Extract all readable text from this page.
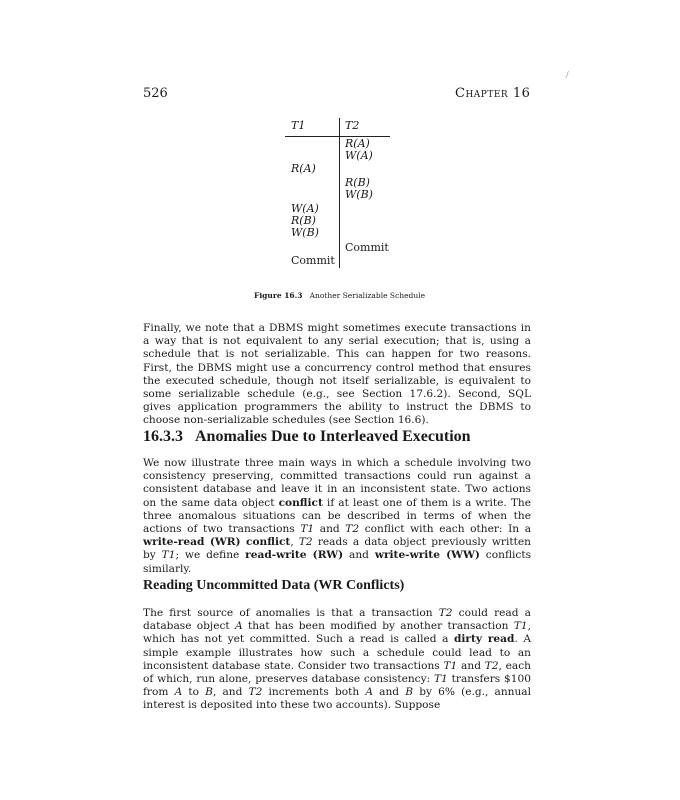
526	Chapter 16
/
T1	T2
R(A)
W(A)
R(A)
R(B)
W(B)
W(A)
R(B)
W(B)
Commit
Commit
Figure 16.3 Another Serializable Schedule

Finally, we note that a DBMS might sometimes execute transactions in a way that is not equivalent to any serial execution; that is, using a schedule that is not serializable. This can happen for two reasons. First, the DBMS might use a concurrency control method that ensures the executed schedule, though not itself serializable, is equivalent to some serializable schedule (e.g., see Section 17.6.2). Second, SQL gives application programmers the ability to instruct the DBMS to choose non-serializable schedules (see Section 16.6).

16.3.3 Anomalies Due to Interleaved Execution

We now illustrate three main ways in which a schedule involving two consistency preserving, committed transactions could run against a consistent database and leave it in an inconsistent state. Two actions on the same data object conflict if at least one of them is a write. The three anomalous situations can be described in terms of when the actions of two transactions T1 and T2 conflict with each other: In a write-read (WR) conflict, T2 reads a data object previously written by T1; we define read-write (RW) and write-write (WW) conflicts similarly.

Reading Uncommitted Data (WR Conflicts)

The first source of anomalies is that a transaction T2 could read a database object A that has been modified by another transaction T1, which has not yet committed. Such a read is called a dirty read. A simple example illustrates how such a schedule could lead to an inconsistent database state. Consider two transactions T1 and T2, each of which, run alone, preserves database consistency: T1 transfers $100 from A to B, and T2 increments both A and B by 6% (e.g., annual interest is deposited into these two accounts). Suppose
